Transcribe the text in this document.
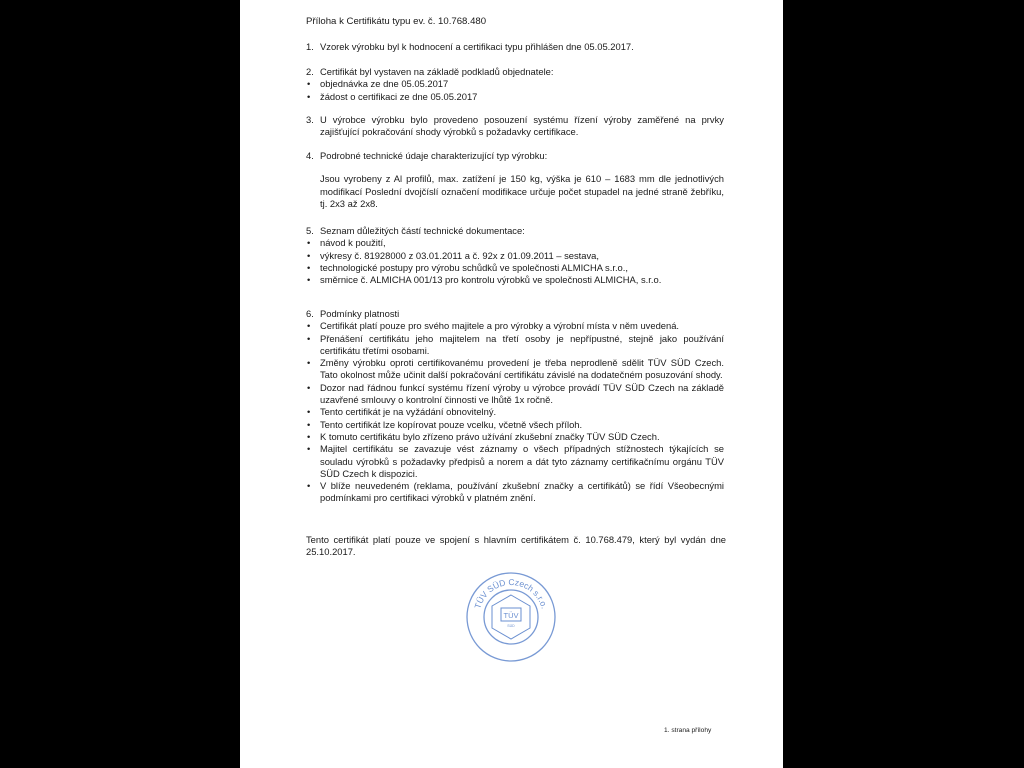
Příloha k Certifikátu typu ev. č. 10.768.480
1. Vzorek výrobku byl k hodnocení a certifikaci typu přihlášen dne 05.05.2017.
2. Certifikát byl vystaven na základě podkladů objednatele:
• objednávka ze dne 05.05.2017
• žádost o certifikaci ze dne 05.05.2017
3. U výrobce výrobku bylo provedeno posouzení systému řízení výroby zaměřené na prvky zajišťující pokračování shody výrobků s požadavky certifikace.
4. Podrobné technické údaje charakterizující typ výrobku:
Jsou vyrobeny z Al profilů, max. zatížení je 150 kg, výška je 610 – 1683 mm dle jednotlivých modifikací Poslední dvojčíslí označení modifikace určuje počet stupadel na jedné straně žebříku, tj. 2x3 až 2x8.
5. Seznam důležitých částí technické dokumentace:
• návod k použití,
• výkresy č. 81928000 z 03.01.2011 a č. 92x z 01.09.2011 – sestava,
• technologické postupy pro výrobu schůdků ve společnosti ALMICHA s.r.o.,
• směrnice č. ALMICHA 001/13 pro kontrolu výrobků ve společnosti ALMICHA, s.r.o.
6. Podmínky platnosti
• Certifikát platí pouze pro svého majitele a pro výrobky a výrobní místa v něm uvedená.
• Přenášení certifikátu jeho majitelem na třetí osoby je nepřípustné, stejně jako používání certifikátu třetími osobami.
• Změny výrobku oproti certifikovanému provedení je třeba neprodleně sdělit TÜV SÜD Czech. Tato okolnost může učinit další pokračování certifikátu závislé na dodatečném posuzování shody.
• Dozor nad řádnou funkcí systému řízení výroby u výrobce provádí TÜV SÜD Czech na základě uzavřené smlouvy o kontrolní činnosti ve lhůtě 1x ročně.
• Tento certifikát je na vyžádání obnovitelný.
• Tento certifikát lze kopírovat pouze vcelku, včetně všech příloh.
• K tomuto certifikátu bylo zřízeno právo užívání zkušební značky TÜV SÜD Czech.
• Majitel certifikátu se zavazuje vést záznamy o všech případných stížnostech týkajících se souladu výrobků s požadavky předpisů a norem a dát tyto záznamy certifikačnímu orgánu TÜV SÜD Czech k dispozici.
• V blíže neuvedeném (reklama, používání zkušební značky a certifikátů) se řídí Všeobecnými podmínkami pro certifikaci výrobků v platném znění.
Tento certifikát platí pouze ve spojení s hlavním certifikátem č. 10.768.479, který byl vydán dne 25.10.2017.
TÜV SÜD Czech s.r.o.
TÜV
SÜD
1. strana přílohy
